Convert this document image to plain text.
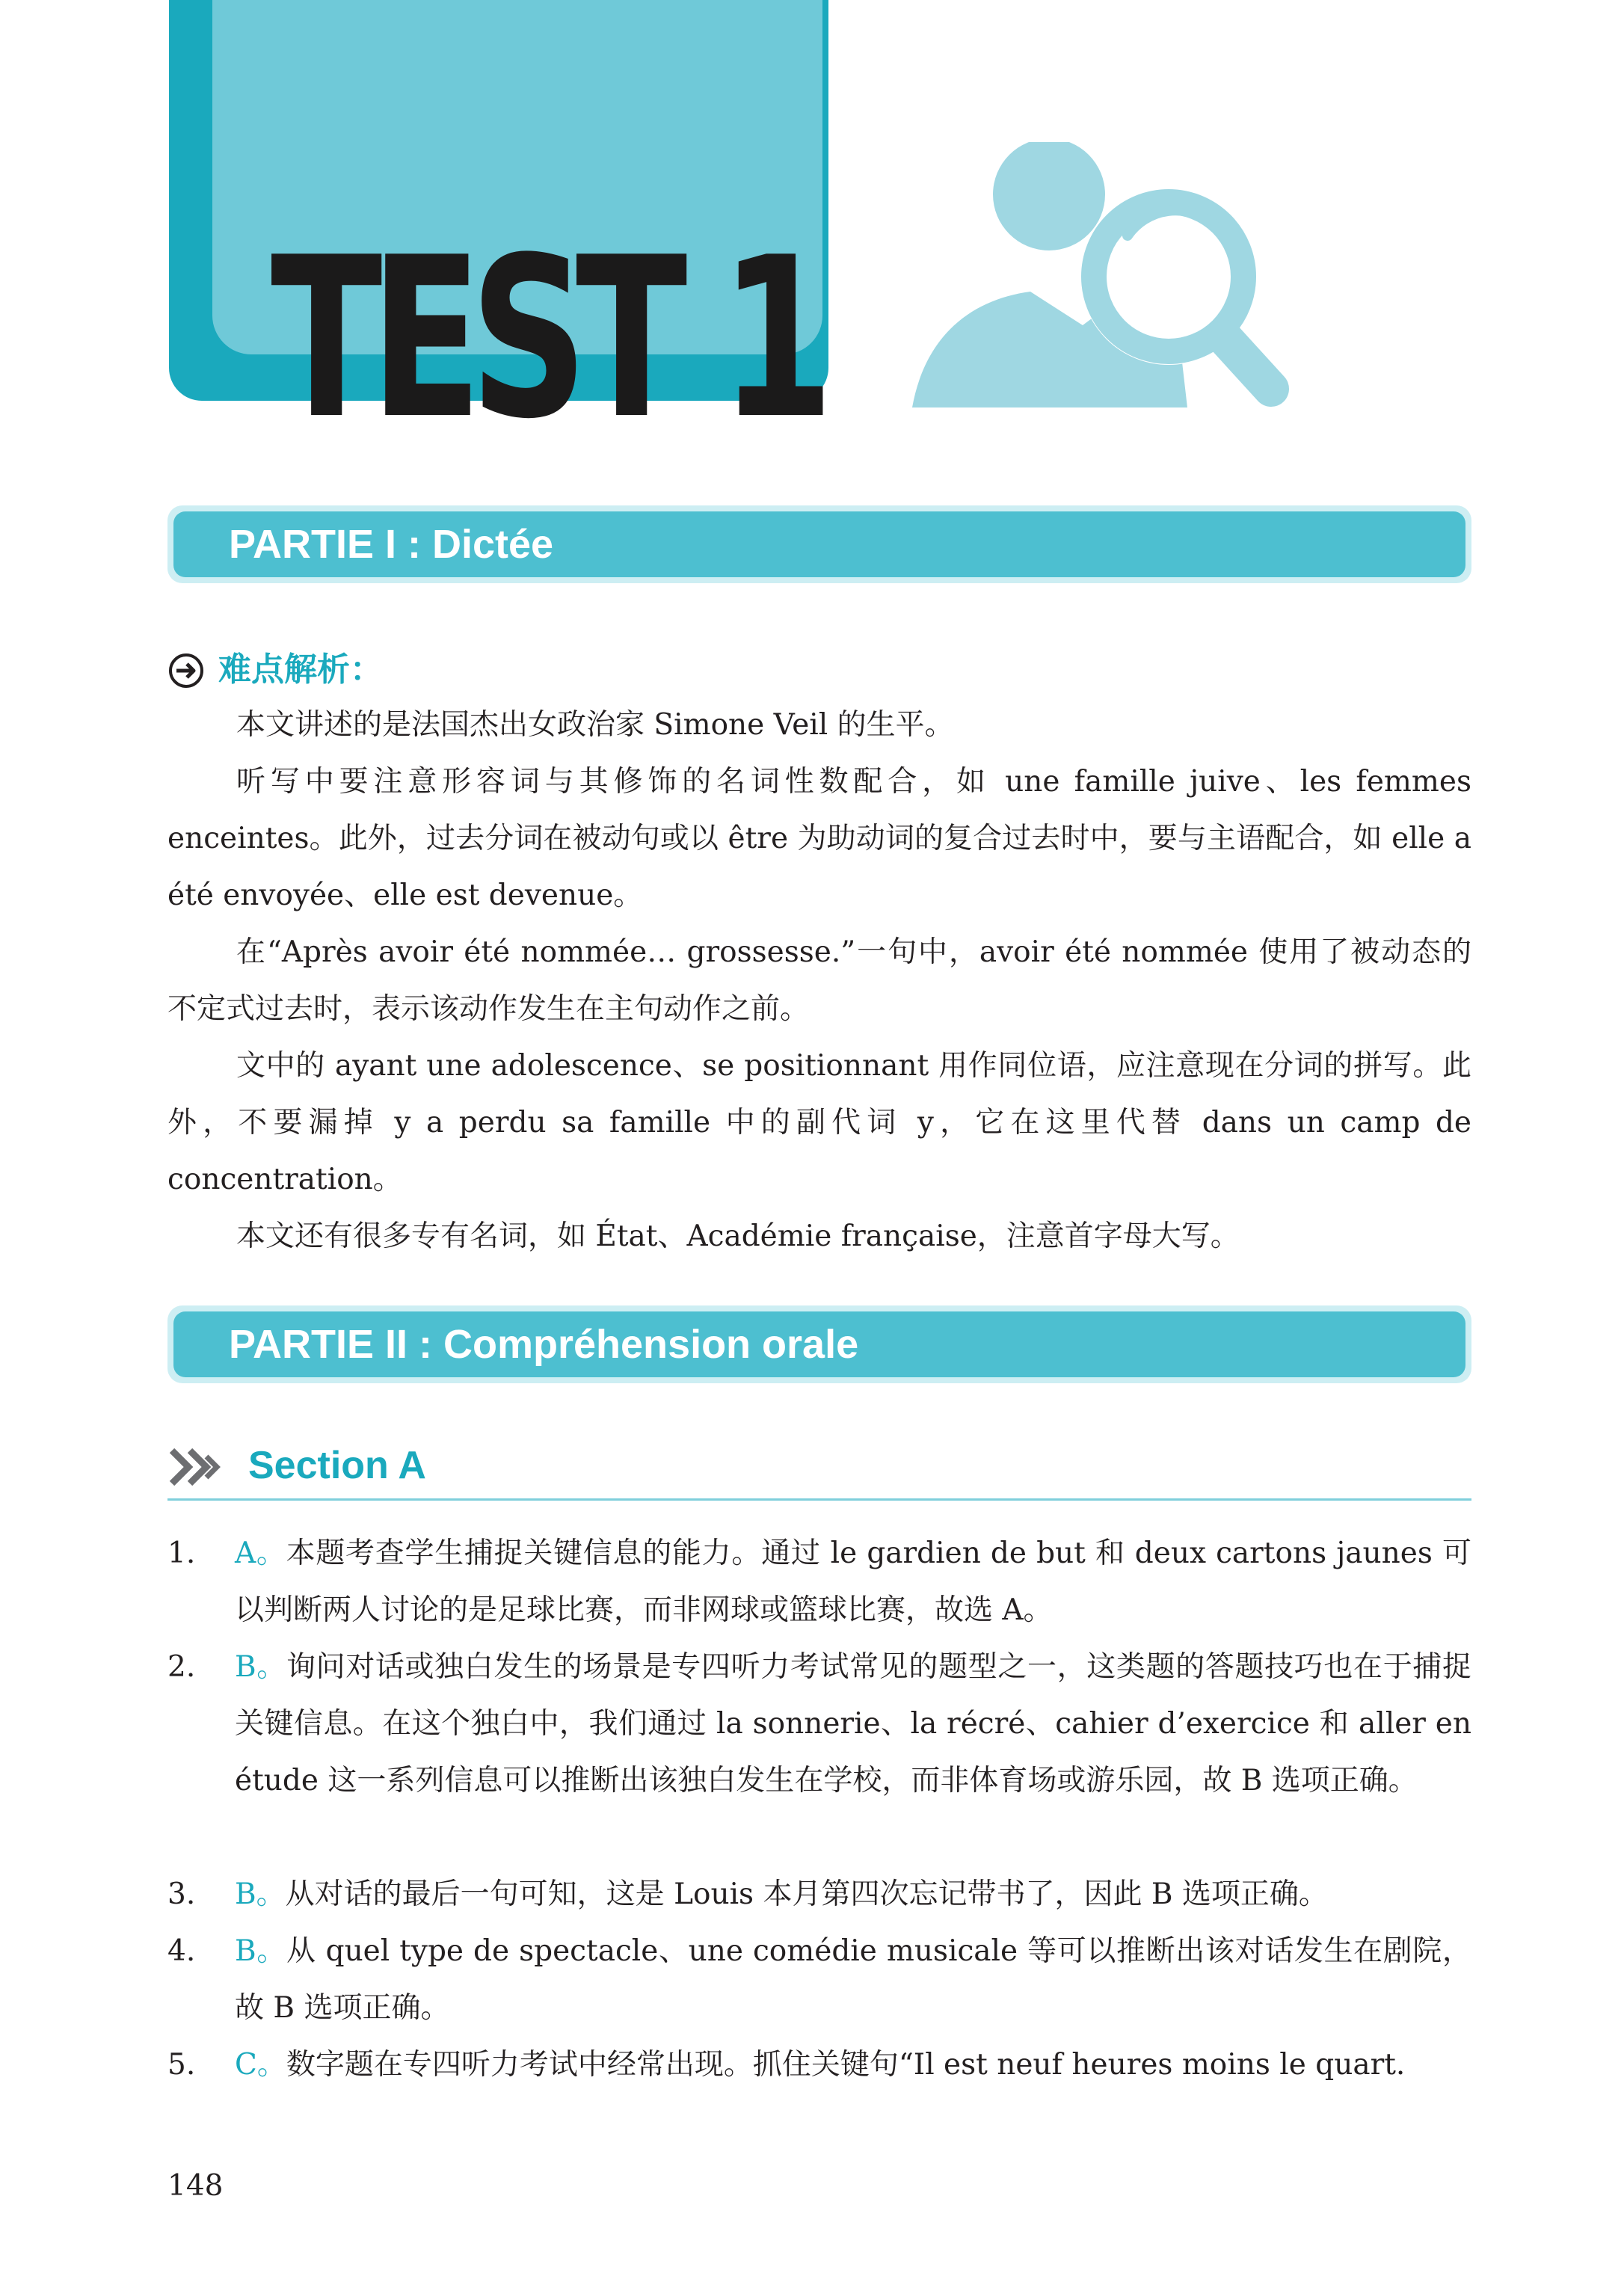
TEST 1
PARTIE I : Dictée
难点解析：

本文讲述的是法国杰出女政治家 Simone Veil 的生平。

听写中要注意形容词与其修饰的名词性数配合，如 une famille juive、les femmes enceintes。此外，过去分词在被动句或以 être 为助动词的复合过去时中，要与主语配合，如 elle a été envoyée、elle est devenue。

在“Après avoir été nommée… grossesse.”一句中，avoir été nommée 使用了被动态的不定式过去时，表示该动作发生在主句动作之前。

文中的 ayant une adolescence、se positionnant 用作同位语，应注意现在分词的拼写。此外，不要漏掉 y a perdu sa famille 中的副代词 y，它在这里代替 dans un camp de concentration。

本文还有很多专有名词，如 État、Académie française，注意首字母大写。

PARTIE II : Compréhension orale
Section A
1. A。本题考查学生捕捉关键信息的能力。通过 le gardien de but 和 deux cartons jaunes 可以判断两人讨论的是足球比赛，而非网球或篮球比赛，故选 A。
2. B。询问对话或独白发生的场景是专四听力考试常见的题型之一，这类题的答题技巧也在于捕捉关键信息。在这个独白中，我们通过 la sonnerie、la récré、cahier d’exercice 和 aller en étude 这一系列信息可以推断出该独白发生在学校，而非体育场或游乐园，故 B 选项正确。
3. B。从对话的最后一句可知，这是 Louis 本月第四次忘记带书了，因此 B 选项正确。
4. B。从 quel type de spectacle、une comédie musicale 等可以推断出该对话发生在剧院，故 B 选项正确。
5. C。数字题在专四听力考试中经常出现。抓住关键句“Il est neuf heures moins le quart.
148
